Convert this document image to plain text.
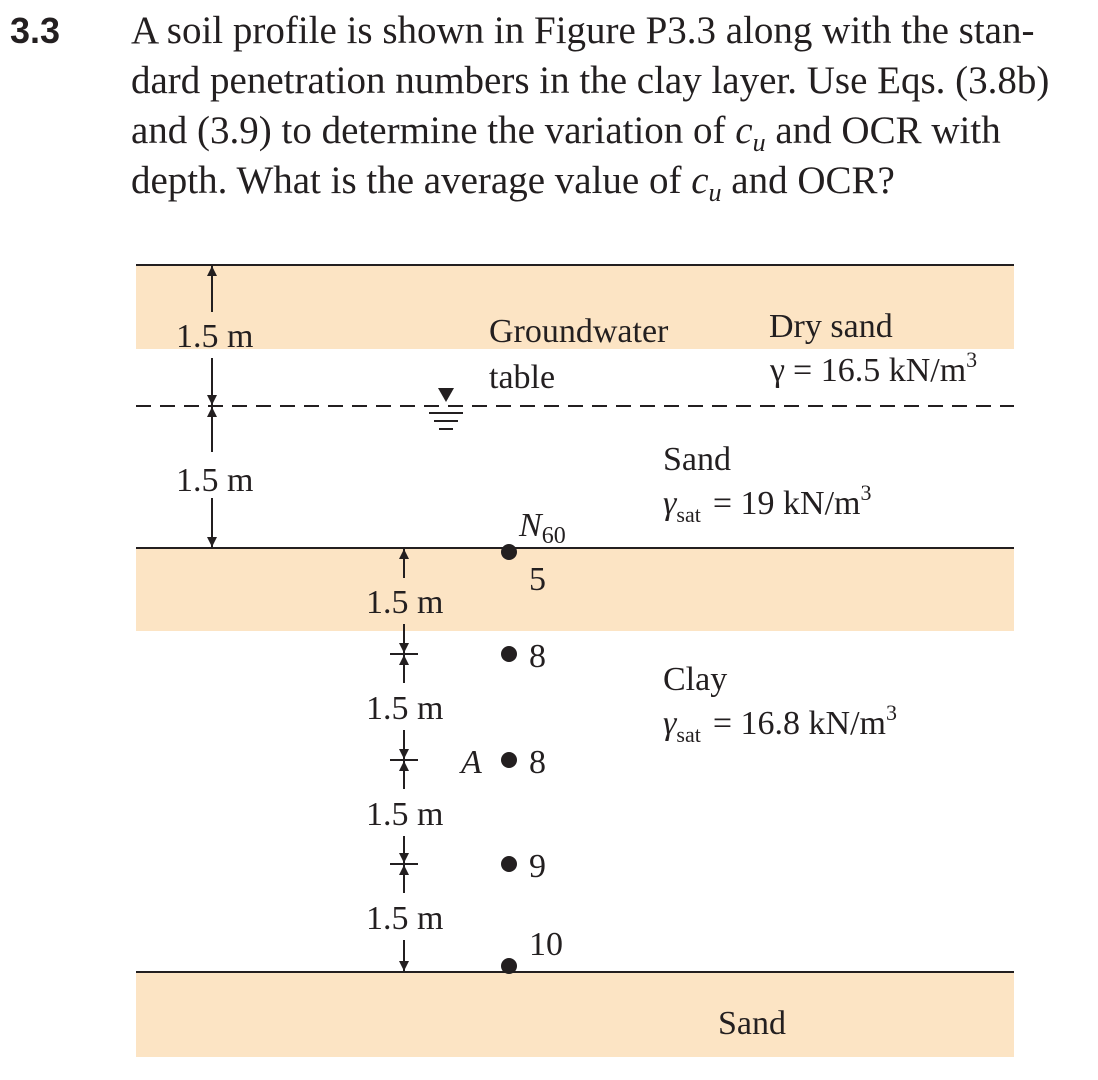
3.3 A soil profile is shown in Figure P3.3 along with the stan-
dard penetration numbers in the clay layer. Use Eqs. (3.8b)
and (3.9) to determine the variation of $c_u$ and OCR with
depth. What is the average value of $c_u$ and OCR?
1.5 m
1.5 m
Groundwater
table
Dry sand
γ = 16.5 $kN/m^3$
Sand
$\gamma_{sat} = 19$ $kN/m^3$
$N_{60}$
5
8
8
9
10
A
1.5 m
1.5 m
1.5 m
1.5 m
Clay
$\gamma_{sat} = 16.8$ $kN/m^3$
Sand
